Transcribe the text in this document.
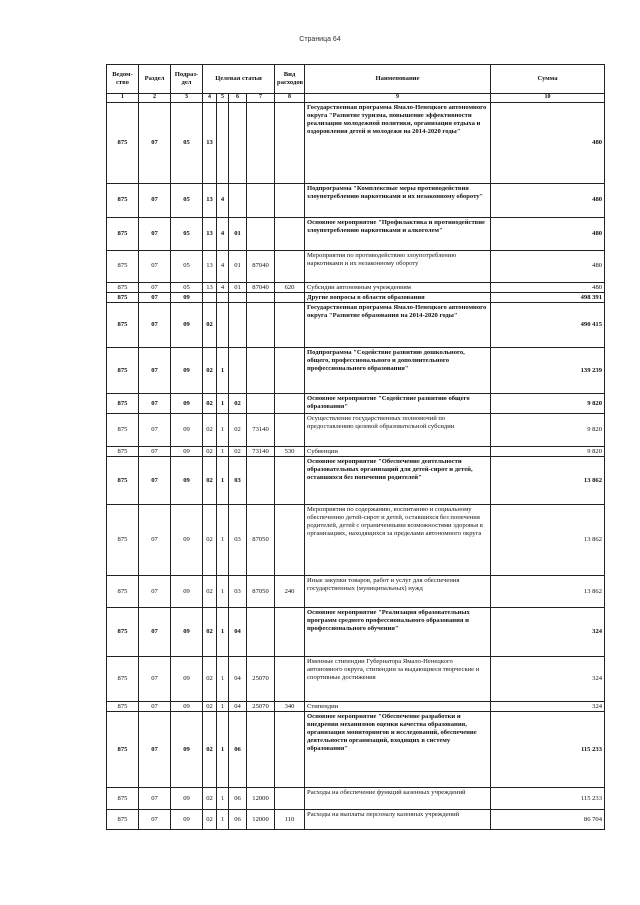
Страница 64
Ведом-ство	Раздел	Подраз-дел	Целевая статьи				Вид расходов	Наименование	Сумма
1	2	3	4	5	6	7	8	9	10
875	07	05	13					Государственная программа Ямало-Ненецкого автономного округа "Развитие туризма, повышение эффективности реализации молодежной политики, организация отдыха и оздоровления детей и молодежи на 2014-2020 годы"	480
875	07	05	13	4				Подпрограмма "Комплексные меры противодействия злоупотреблению наркотиками и их незаконному обороту"	480
875	07	05	13	4	01			Основное мероприятие "Профилактика и противодействие злоупотреблению наркотиками и алкоголем"	480
875	07	05	13	4	01	87040		Мероприятия по противодействию злоупотреблению наркотиками и их незаконному обороту	480
875	07	05	13	4	01	87040	620	Субсидии автономным учреждениям	480
875	07	09						Другие вопросы в области образования	498 391
875	07	09	02					Государственная программа Ямало-Ненецкого автономного округа "Развитие образования на 2014-2020 годы"	490 415
875	07	09	02	1				Подпрограмма "Содействие развитию дошкольного, общего, профессионального и дополнительного профессионального образования"	139 239
875	07	09	02	1	02			Основное мероприятие "Содействие развитию общего образования"	9 820
875	07	09	02	1	02	73140		Осуществление государственных полномочий по предоставлению целевой образовательной субсидии	9 820
875	07	09	02	1	02	73140	530	Субвенции	9 820
875	07	09	02	1	03			Основное мероприятие "Обеспечение деятельности образовательных организаций для детей-сирот и детей, оставшихся без попечения родителей"	13 862
875	07	09	02	1	03	87050		Мероприятия по содержанию, воспитанию и социальному обеспечению детей-сирот и детей, оставшихся без попечения родителей, детей с ограниченными возможностями здоровья в организациях, находящихся за пределами автономного округа	13 862
875	07	09	02	1	03	87050	240	Иные закупки товаров, работ и услуг для обеспечения государственных (муниципальных) нужд	13 862
875	07	09	02	1	04			Основное мероприятие "Реализация образовательных программ среднего профессионального образования и профессионального обучения"	324
875	07	09	02	1	04	25070		Именные стипендии Губернатора Ямало-Ненецкого автономного округа, стипендии за выдающиеся творческие и спортивные достижения	324
875	07	09	02	1	04	25070	340	Стипендии	324
875	07	09	02	1	06			Основное мероприятие "Обеспечение разработки и внедрения механизмов оценки качества образования, организация мониторингов и исследований, обеспечение деятельности организаций, входящих в систему образования"	115 233
875	07	09	02	1	06	12000		Расходы на обеспечение функций казенных учреждений	115 233
875	07	09	02	1	06	12000	110	Расходы на выплаты персоналу казенных учреждений	86 704
